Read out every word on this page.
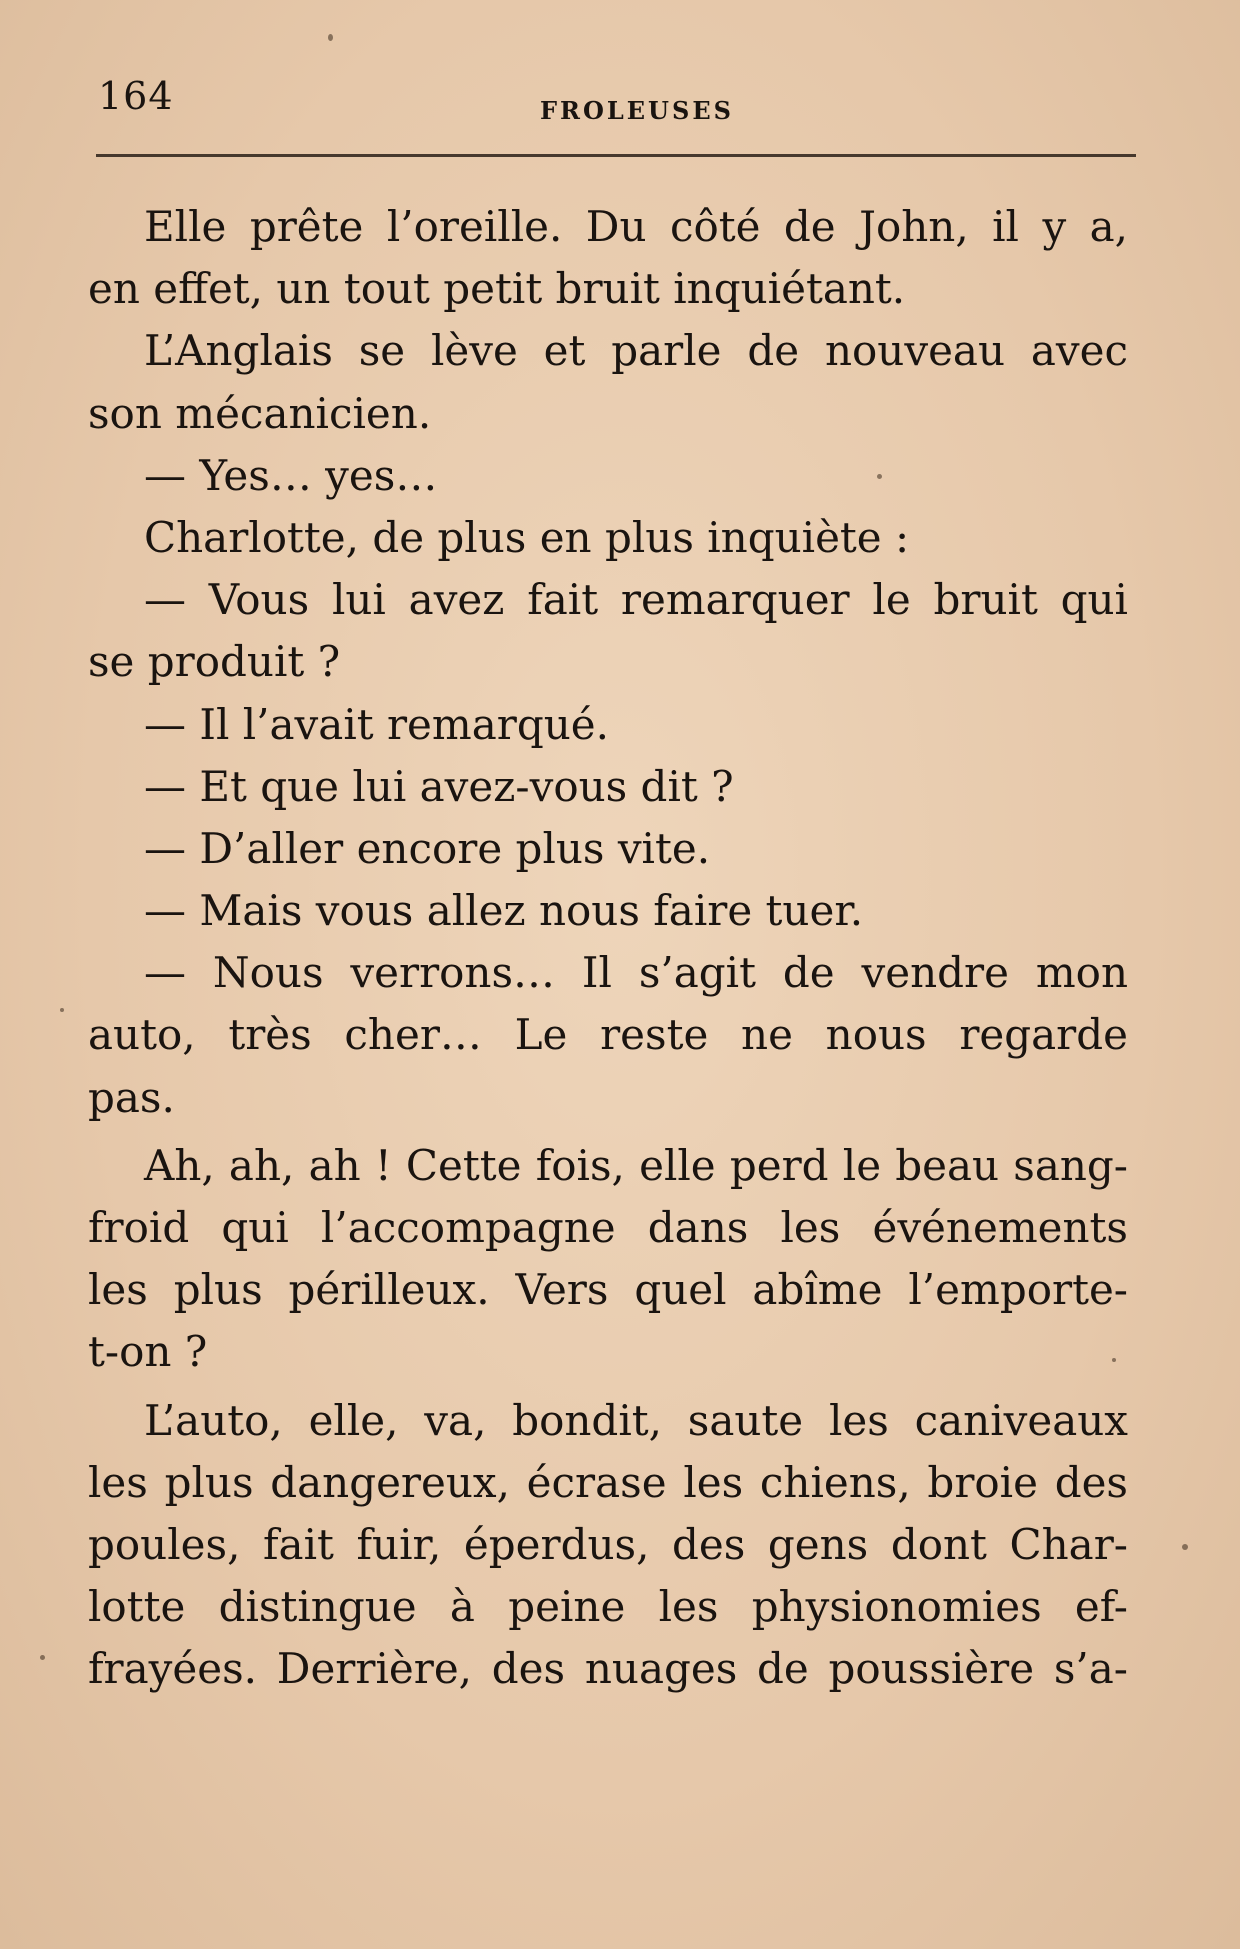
164	FROLEUSES
Elle prête l’oreille. Du côté de John, il y a,
en effet, un tout petit bruit inquiétant.
L’Anglais se lève et parle de nouveau avec
son mécanicien.
— Yes… yes…
Charlotte, de plus en plus inquiète :
— Vous lui avez fait remarquer le bruit qui
se produit ?
— Il l’avait remarqué.
— Et que lui avez-vous dit ?
— D’aller encore plus vite.
— Mais vous allez nous faire tuer.
— Nous verrons… Il s’agit de vendre mon
auto, très cher… Le reste ne nous regarde
pas.
Ah, ah, ah ! Cette fois, elle perd le beau sang-
froid qui l’accompagne dans les événements
les plus périlleux. Vers quel abîme l’emporte-
t-on ?
L’auto, elle, va, bondit, saute les caniveaux
les plus dangereux, écrase les chiens, broie des
poules, fait fuir, éperdus, des gens dont Char-
lotte distingue à peine les physionomies ef-
frayées. Derrière, des nuages de poussière s’a-
